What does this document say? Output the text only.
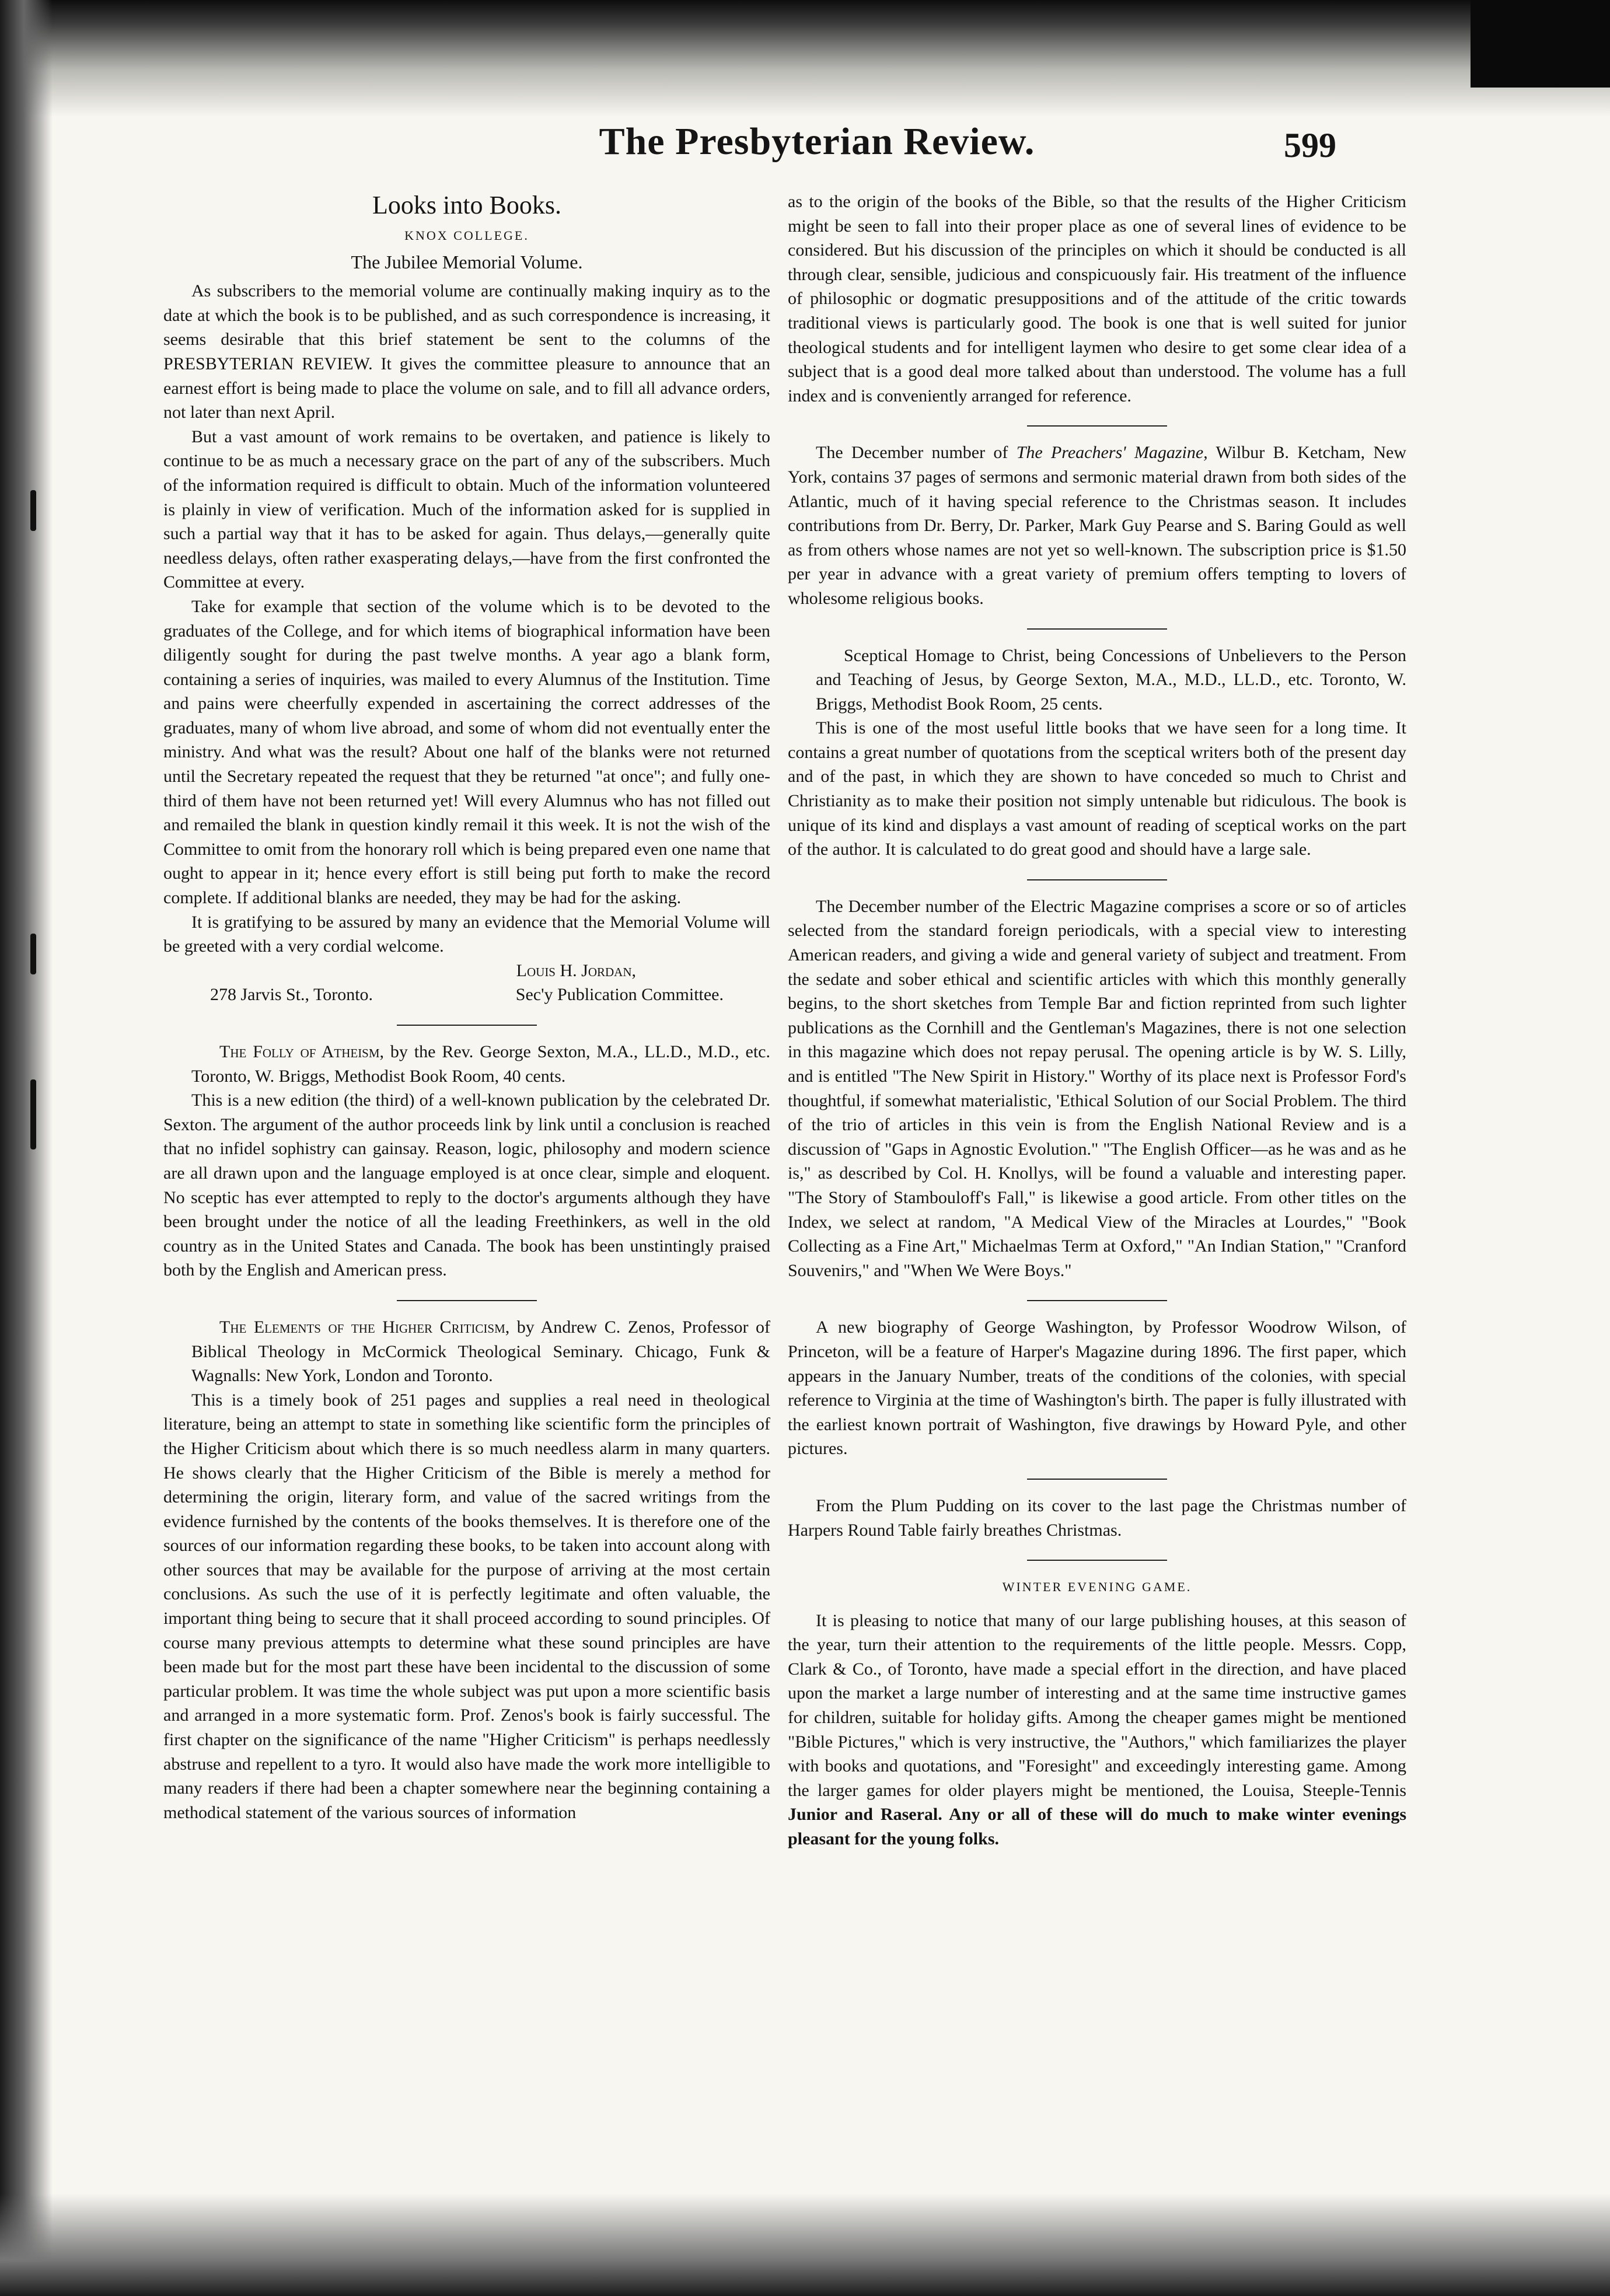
The Presbyterian Review.	599
Looks into Books.
KNOX COLLEGE.
The Jubilee Memorial Volume.

As subscribers to the memorial volume are continually making inquiry as to the date at which the book is to be published, and as such correspondence is increasing, it seems desirable that this brief statement be sent to the columns of the PRESBYTERIAN REVIEW. It gives the committee pleasure to announce that an earnest effort is being made to place the volume on sale, and to fill all advance orders, not later than next April.

But a vast amount of work remains to be overtaken, and patience is likely to continue to be as much a necessary grace on the part of any of the subscribers. Much of the information required is difficult to obtain. Much of the information volunteered is plainly in view of verification. Much of the information asked for is supplied in such a partial way that it has to be asked for again. Thus delays,—generally quite needless delays, often rather exasperating delays,—have from the first confronted the Committee at every.

Take for example that section of the volume which is to be devoted to the graduates of the College, and for which items of biographical information have been diligently sought for during the past twelve months. A year ago a blank form, containing a series of inquiries, was mailed to every Alumnus of the Institution. Time and pains were cheerfully expended in ascertaining the correct addresses of the graduates, many of whom live abroad, and some of whom did not eventually enter the ministry. And what was the result? About one half of the blanks were not returned until the Secretary repeated the request that they be returned "at once"; and fully one-third of them have not been returned yet! Will every Alumnus who has not filled out and remailed the blank in question kindly remail it this week. It is not the wish of the Committee to omit from the honorary roll which is being prepared even one name that ought to appear in it; hence every effort is still being put forth to make the record complete. If additional blanks are needed, they may be had for the asking.

It is gratifying to be assured by many an evidence that the Memorial Volume will be greeted with a very cordial welcome.

Louis H. Jordan,

278 Jarvis St., Toronto.	Sec'y Publication Committee.

The Folly of Atheism, by the Rev. George Sexton, M.A., LL.D., M.D., etc. Toronto, W. Briggs, Methodist Book Room, 40 cents.

This is a new edition (the third) of a well-known publication by the celebrated Dr. Sexton. The argument of the author proceeds link by link until a conclusion is reached that no infidel sophistry can gainsay. Reason, logic, philosophy and modern science are all drawn upon and the language employed is at once clear, simple and eloquent. No sceptic has ever attempted to reply to the doctor's arguments although they have been brought under the notice of all the leading Freethinkers, as well in the old country as in the United States and Canada. The book has been unstintingly praised both by the English and American press.

The Elements of the Higher Criticism, by Andrew C. Zenos, Professor of Biblical Theology in McCormick Theological Seminary. Chicago, Funk & Wagnalls: New York, London and Toronto.

This is a timely book of 251 pages and supplies a real need in theological literature, being an attempt to state in something like scientific form the principles of the Higher Criticism about which there is so much needless alarm in many quarters. He shows clearly that the Higher Criticism of the Bible is merely a method for determining the origin, literary form, and value of the sacred writings from the evidence furnished by the contents of the books themselves. It is therefore one of the sources of our information regarding these books, to be taken into account along with other sources that may be available for the purpose of arriving at the most certain conclusions. As such the use of it is perfectly legitimate and often valuable, the important thing being to secure that it shall proceed according to sound principles. Of course many previous attempts to determine what these sound principles are have been made but for the most part these have been incidental to the discussion of some particular problem. It was time the whole subject was put upon a more scientific basis and arranged in a more systematic form. Prof. Zenos's book is fairly successful. The first chapter on the significance of the name "Higher Criticism" is perhaps needlessly abstruse and repellent to a tyro. It would also have made the work more intelligible to many readers if there had been a chapter somewhere near the beginning containing a methodical statement of the various sources of information

as to the origin of the books of the Bible, so that the results of the Higher Criticism might be seen to fall into their proper place as one of several lines of evidence to be considered. But his discussion of the principles on which it should be conducted is all through clear, sensible, judicious and conspicuously fair. His treatment of the influence of philosophic or dogmatic presuppositions and of the attitude of the critic towards traditional views is particularly good. The book is one that is well suited for junior theological students and for intelligent laymen who desire to get some clear idea of a subject that is a good deal more talked about than understood. The volume has a full index and is conveniently arranged for reference.

The December number of The Preachers' Magazine, Wilbur B. Ketcham, New York, contains 37 pages of sermons and sermonic material drawn from both sides of the Atlantic, much of it having special reference to the Christmas season. It includes contributions from Dr. Berry, Dr. Parker, Mark Guy Pearse and S. Baring Gould as well as from others whose names are not yet so well-known. The subscription price is $1.50 per year in advance with a great variety of premium offers tempting to lovers of wholesome religious books.

Sceptical Homage to Christ, being Concessions of Unbelievers to the Person and Teaching of Jesus, by George Sexton, M.A., M.D., LL.D., etc. Toronto, W. Briggs, Methodist Book Room, 25 cents.

This is one of the most useful little books that we have seen for a long time. It contains a great number of quotations from the sceptical writers both of the present day and of the past, in which they are shown to have conceded so much to Christ and Christianity as to make their position not simply untenable but ridiculous. The book is unique of its kind and displays a vast amount of reading of sceptical works on the part of the author. It is calculated to do great good and should have a large sale.

The December number of the Electric Magazine comprises a score or so of articles selected from the standard foreign periodicals, with a special view to interesting American readers, and giving a wide and general variety of subject and treatment. From the sedate and sober ethical and scientific articles with which this monthly generally begins, to the short sketches from Temple Bar and fiction reprinted from such lighter publications as the Cornhill and the Gentleman's Magazines, there is not one selection in this magazine which does not repay perusal. The opening article is by W. S. Lilly, and is entitled "The New Spirit in History." Worthy of its place next is Professor Ford's thoughtful, if somewhat materialistic, 'Ethical Solution of our Social Problem. The third of the trio of articles in this vein is from the English National Review and is a discussion of "Gaps in Agnostic Evolution." "The English Officer—as he was and as he is," as described by Col. H. Knollys, will be found a valuable and interesting paper. "The Story of Stambouloff's Fall," is likewise a good article. From other titles on the Index, we select at random, "A Medical View of the Miracles at Lourdes," "Book Collecting as a Fine Art," Michaelmas Term at Oxford," "An Indian Station," "Cranford Souvenirs," and "When We Were Boys."

A new biography of George Washington, by Professor Woodrow Wilson, of Princeton, will be a feature of Harper's Magazine during 1896. The first paper, which appears in the January Number, treats of the conditions of the colonies, with special reference to Virginia at the time of Washington's birth. The paper is fully illustrated with the earliest known portrait of Washington, five drawings by Howard Pyle, and other pictures.

From the Plum Pudding on its cover to the last page the Christmas number of Harpers Round Table fairly breathes Christmas.

WINTER EVENING GAME.

It is pleasing to notice that many of our large publishing houses, at this season of the year, turn their attention to the requirements of the little people. Messrs. Copp, Clark & Co., of Toronto, have made a special effort in the direction, and have placed upon the market a large number of interesting and at the same time instructive games for children, suitable for holiday gifts. Among the cheaper games might be mentioned "Bible Pictures," which is very instructive, the "Authors," which familiarizes the player with books and quotations, and "Foresight" and exceedingly interesting game. Among the larger games for older players might be mentioned, the Louisa, Steeple-Tennis Junior and Raseral. Any or all of these will do much to make winter evenings pleasant for the young folks.
